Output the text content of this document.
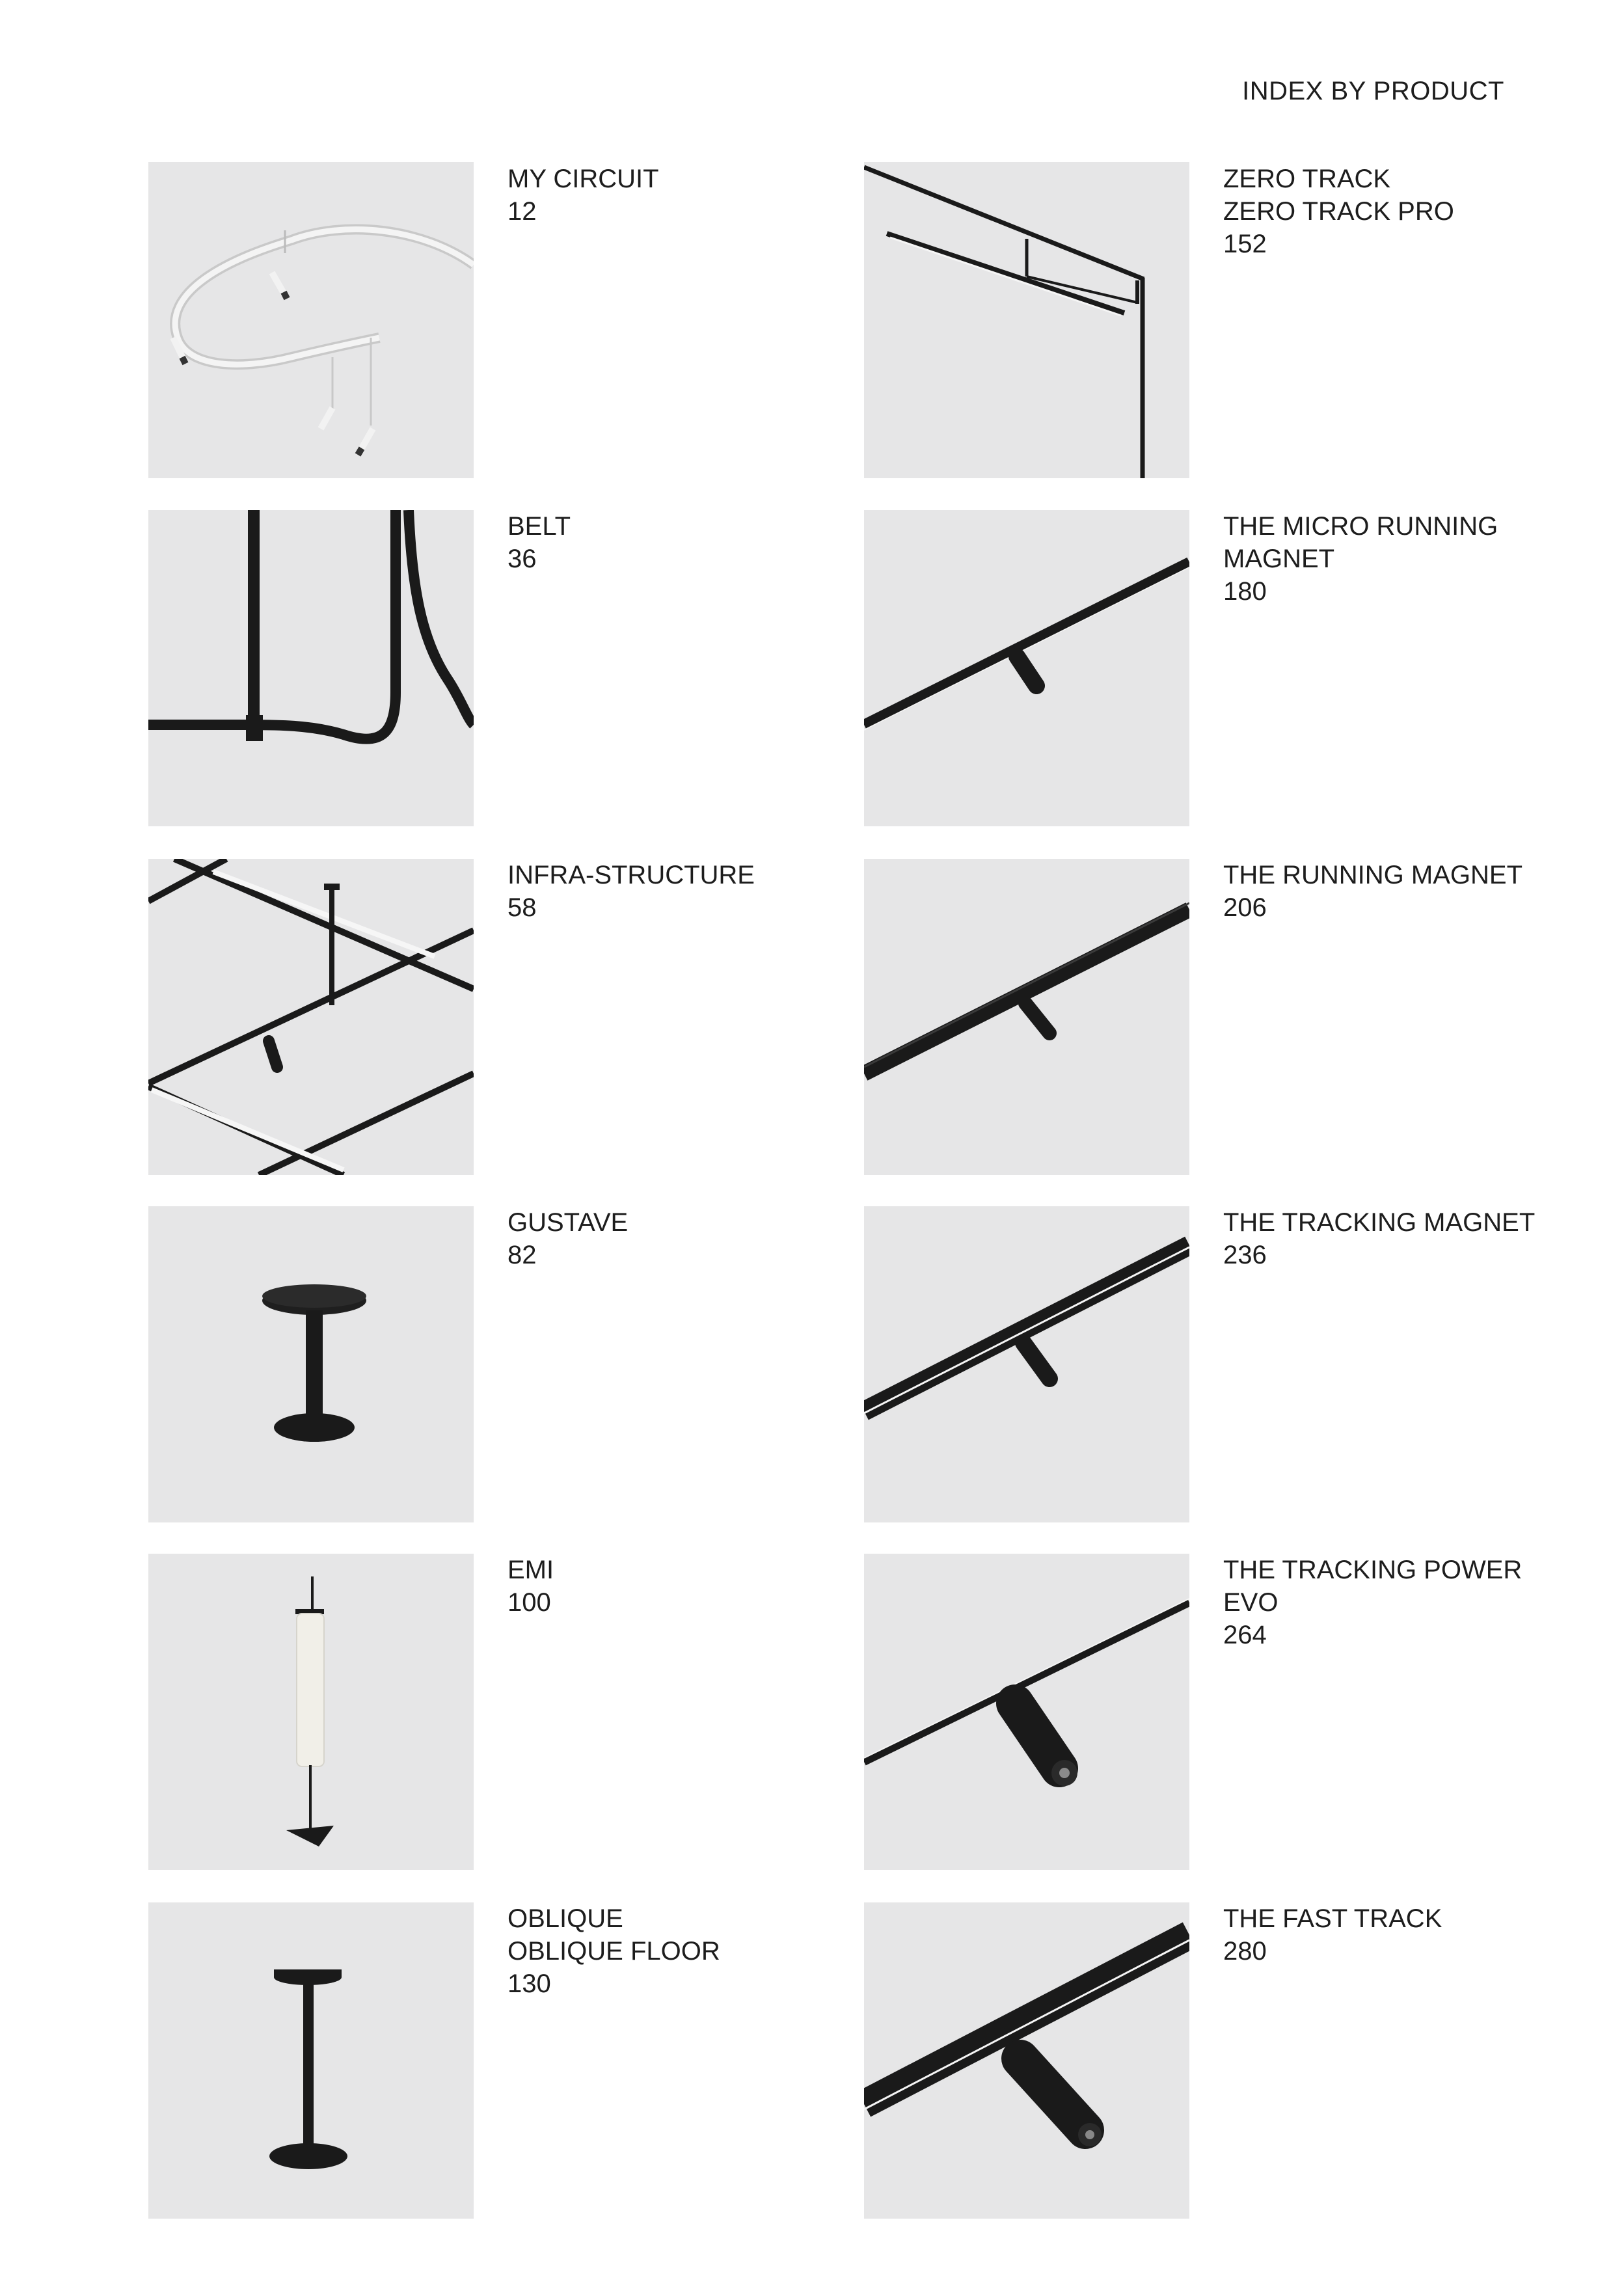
INDEX BY PRODUCT
MY CIRCUIT
12
ZERO TRACK
ZERO TRACK PRO
152
BELT
36
THE MICRO RUNNING
MAGNET
180
INFRA-STRUCTURE
58
THE RUNNING MAGNET
206
GUSTAVE
82
THE TRACKING MAGNET
236
EMI
100
THE TRACKING POWER
EVO
264
OBLIQUE
OBLIQUE FLOOR
130
THE FAST TRACK
280
